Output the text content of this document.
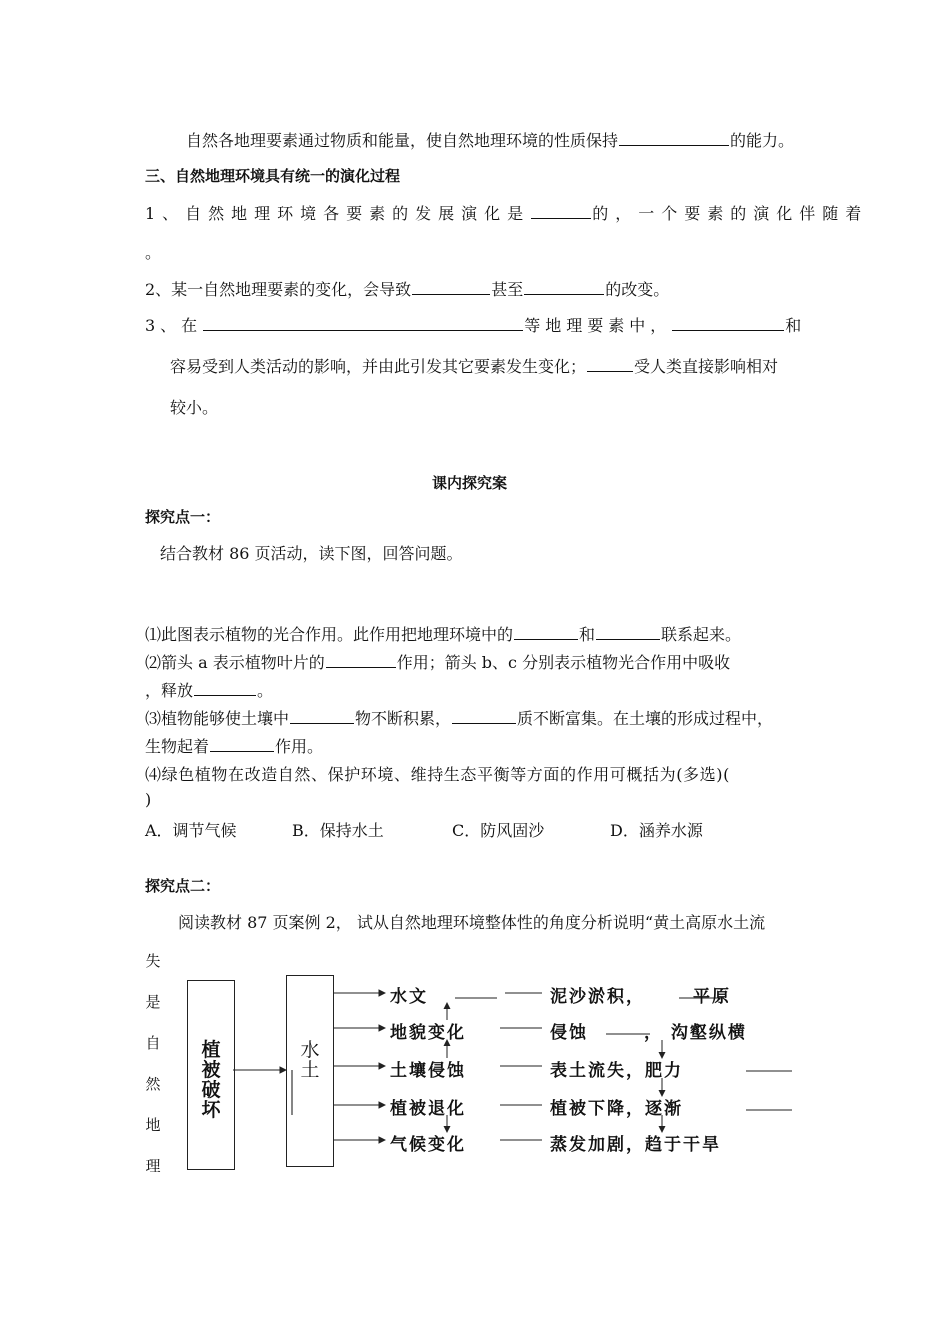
自然各地理要素通过物质和能量，使自然地理环境的性质保持	的能力。
三、自然地理环境具有统一的演化过程
1、自然地理环境各要素的发展演化是	的，一个要素的演化伴随着
。
2、某一自然地理要素的变化，会导致	甚至	的改变。
3、在	等地理要素中，	和
容易受到人类活动的影响，并由此引发其它要素发生变化；	受人类直接影响相对
较小。
课内探究案
探究点一：
结合教材 86 页活动，读下图，回答问题。
⑴此图表示植物的光合作用。此作用把地理环境中的	和	联系起来。
⑵箭头 a 表示植物叶片的	作用；箭头 b、c 分别表示植物光合作用中吸收
，释放	。
⑶植物能够使土壤中	物不断积累，	质不断富集。在土壤的形成过程中，
生物起着	作用。
⑷绿色植物在改造自然、保护环境、维持生态平衡等方面的作用可概括为(多选)(
)
A．调节气候	B．保持水土	C．防风固沙	D．涵养水源
探究点二：
阅读教材 87 页案例 2， 试从自然地理环境整体性的角度分析说明“黄土高原水土流
失
是
自
然
地
理
植被破坏
水土
水文	泥沙淤积，	平原
地貌变化	侵蚀	， 沟壑纵横
土壤侵蚀	表土流失，肥力
植被退化	植被下降，逐渐
气候变化	蒸发加剧，趋于干旱
